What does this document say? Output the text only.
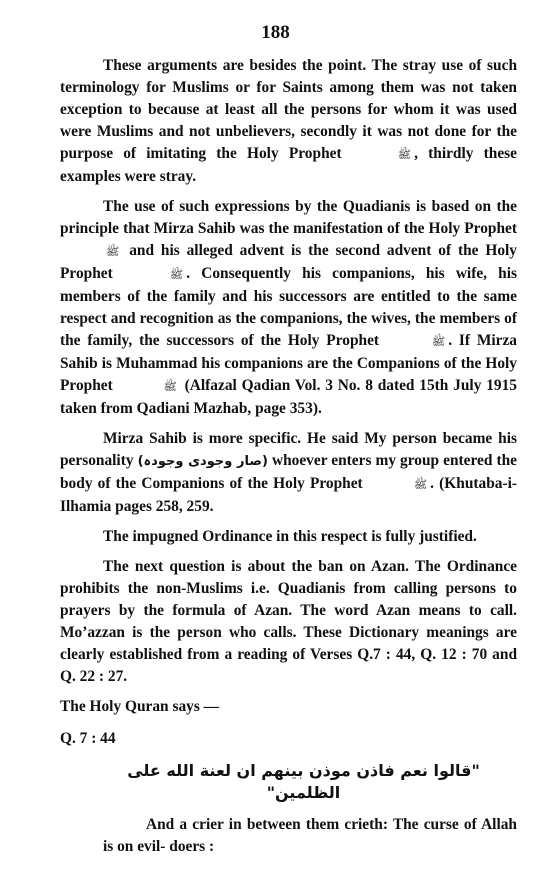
188

These arguments are besides the point. The stray use of such terminology for Muslims or for Saints among them was not taken exception to because at least all the persons for whom it was used were Muslims and not unbelievers, secondly it was not done for the purpose of imitating the Holy Prophet	ﷺ , thirdly these examples were stray.

The use of such expressions by the Quadianis is based on the principle that Mirza Sahib was the manifestation of the Holy Prophet ﷺ and his alleged advent is the second advent of the Holy Prophet	ﷺ . Consequently his companions, his wife, his members of the family and his successors are entitled to the same respect and recognition as the companions, the wives, the members of the family, the successors of the Holy Prophet	ﷺ . If Mirza Sahib is Muhammad his companions are the Companions of the Holy Prophet	ﷺ (Alfazal Qadian Vol. 3 No. 8 dated 15th July 1915 taken from Qadiani Mazhab, page 353).

Mirza Sahib is more specific. He said My person became his personality (صار وجودی وجودہ) whoever enters my group entered the body of the Companions of the Holy Prophet	ﷺ . (Khutaba-i-Ilhamia pages 258, 259.

The impugned Ordinance in this respect is fully justified.

The next question is about the ban on Azan. The Ordinance prohibits the non-Muslims i.e. Quadianis from calling persons to prayers by the formula of Azan. The word Azan means to call. Mo’azzan is the person who calls. These Dictionary meanings are clearly established from a reading of Verses Q.7 : 44, Q. 12 : 70 and Q. 22 : 27.

The Holy Quran says —

Q. 7 : 44

"قالوا نعم فاذن موذن بينهم ان لعنة الله على الظلمين"

And a crier in between them crieth: The curse of Allah is on evil- doers :
